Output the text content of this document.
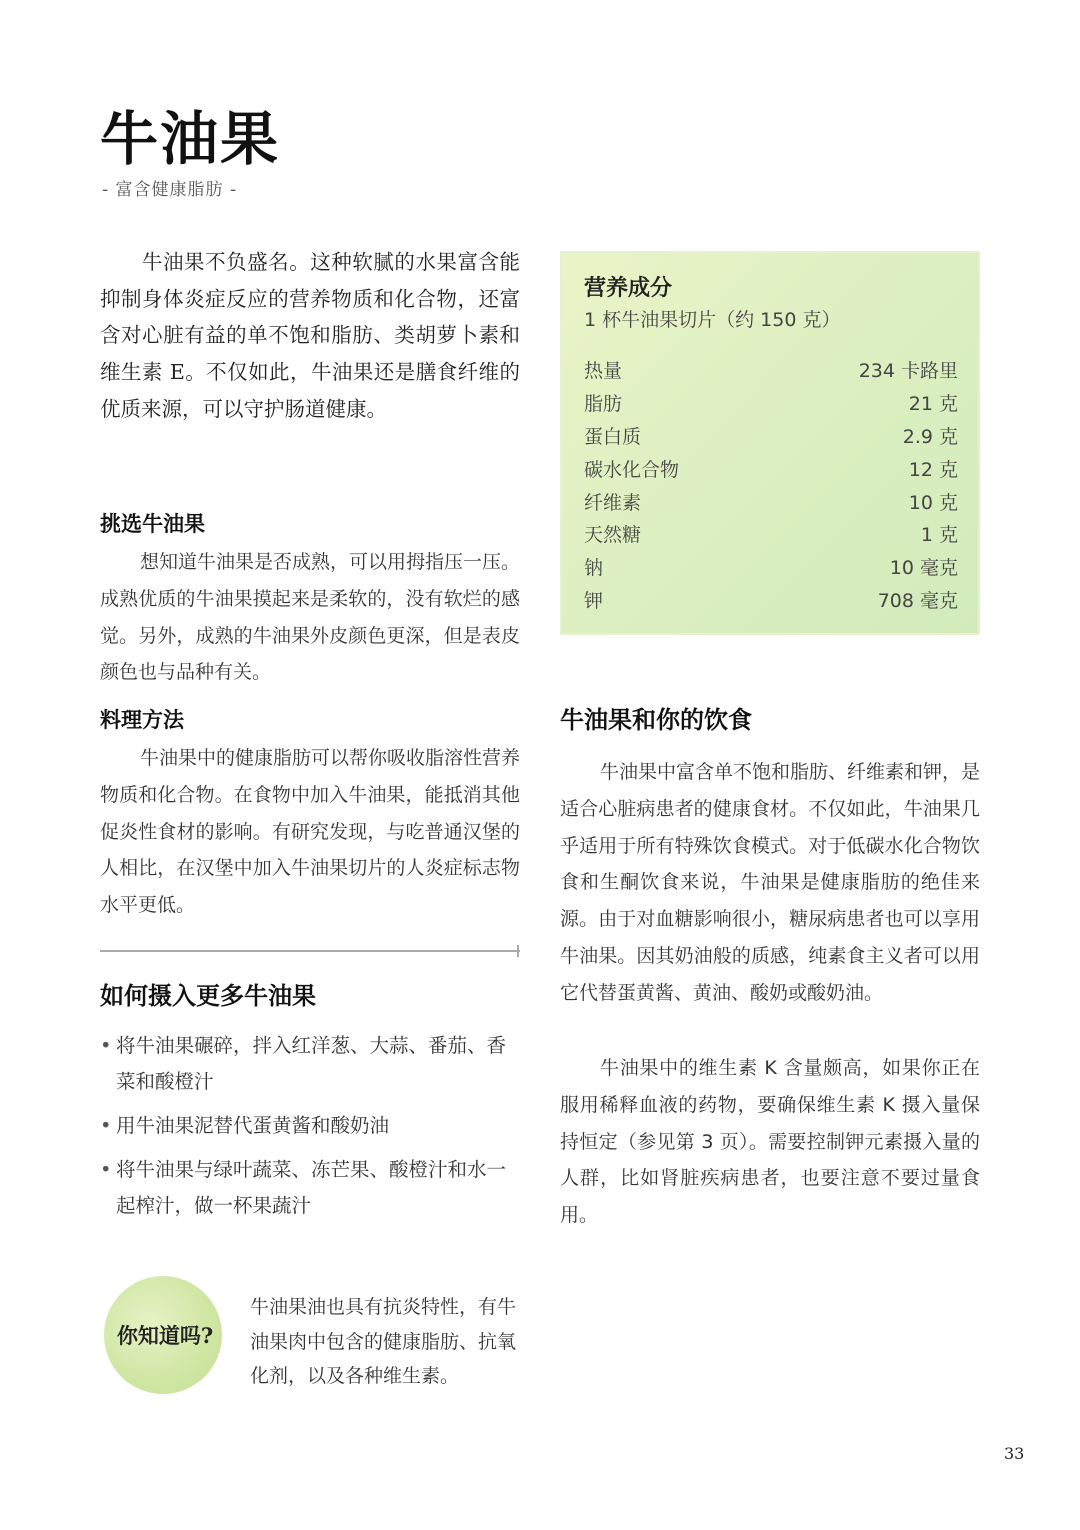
牛油果

- 富含健康脂肪 -

牛油果不负盛名。这种软腻的水果富含能抑制身体炎症反应的营养物质和化合物，还富含对心脏有益的单不饱和脂肪、类胡萝卜素和维生素 E。不仅如此，牛油果还是膳食纤维的优质来源，可以守护肠道健康。

挑选牛油果

想知道牛油果是否成熟，可以用拇指压一压。成熟优质的牛油果摸起来是柔软的，没有软烂的感觉。另外，成熟的牛油果外皮颜色更深，但是表皮颜色也与品种有关。

料理方法

牛油果中的健康脂肪可以帮你吸收脂溶性营养物质和化合物。在食物中加入牛油果，能抵消其他促炎性食材的影响。有研究发现，与吃普通汉堡的人相比，在汉堡中加入牛油果切片的人炎症标志物水平更低。

如何摄入更多牛油果
• 将牛油果碾碎，拌入红洋葱、大蒜、番茄、香菜和酸橙汁
• 用牛油果泥替代蛋黄酱和酸奶油
• 将牛油果与绿叶蔬菜、冻芒果、酸橙汁和水一起榨汁，做一杯果蔬汁
你知道吗?

牛油果油也具有抗炎特性，有牛油果肉中包含的健康脂肪、抗氧化剂，以及各种维生素。

营养成分

1 杯牛油果切片（约 150 克）

热量	234 卡路里
脂肪	21 克
蛋白质	2.9 克
碳水化合物	12 克
纤维素	10 克
天然糖	1 克
钠	10 毫克
钾	708 毫克
牛油果和你的饮食

牛油果中富含单不饱和脂肪、纤维素和钾，是适合心脏病患者的健康食材。不仅如此，牛油果几乎适用于所有特殊饮食模式。对于低碳水化合物饮食和生酮饮食来说，牛油果是健康脂肪的绝佳来源。由于对血糖影响很小，糖尿病患者也可以享用牛油果。因其奶油般的质感，纯素食主义者可以用它代替蛋黄酱、黄油、酸奶或酸奶油。

牛油果中的维生素 K 含量颇高，如果你正在服用稀释血液的药物，要确保维生素 K 摄入量保持恒定（参见第 3 页）。需要控制钾元素摄入量的人群，比如肾脏疾病患者，也要注意不要过量食用。

33
